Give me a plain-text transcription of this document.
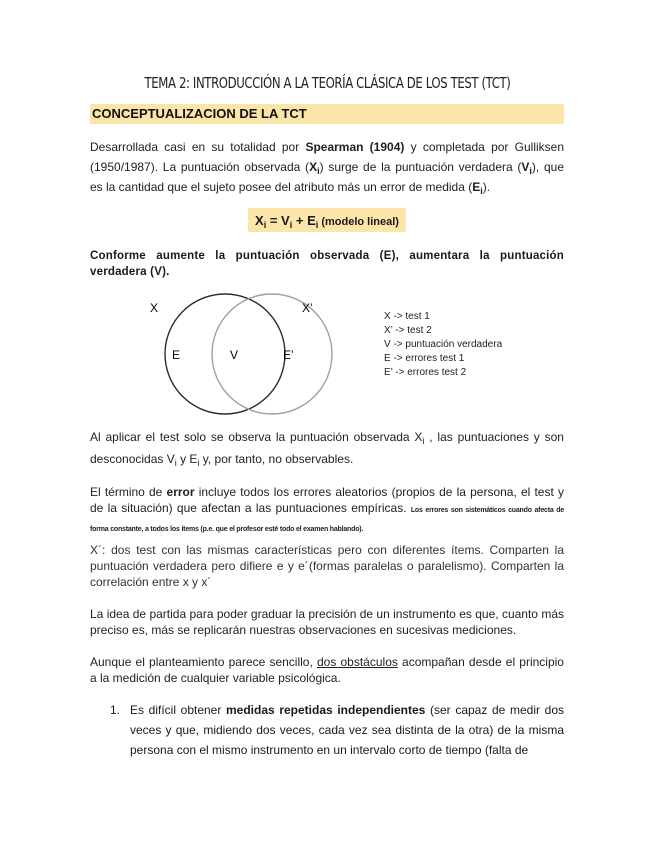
TEMA 2: INTRODUCCIÓN A LA TEORÍA CLÁSICA DE LOS TEST (TCT)
CONCEPTUALIZACION DE LA TCT
Desarrollada casi en su totalidad por Spearman (1904) y completada por Gulliksen (1950/1987). La puntuación observada $(X_i)$ surge de la puntuación verdadera $(V_i)$, que es la cantidad que el sujeto posee del atributo más un error de medida $(E_i)$.
$X_i = V_i + E_i$ (modelo lineal)
Conforme aumente la puntuación observada (E), aumentara la puntuación verdadera (V).
X	X’
E	V	E’
X -> test 1
X’ -> test 2
V -> puntuación verdadera
E -> errores test 1
E’ -> errores test 2
Al aplicar el test solo se observa la puntuación observada $X_i$ , las puntuaciones y son desconocidas $V_i$ y $E_i$ y, por tanto, no observables.
El término de error incluye todos los errores aleatorios (propios de la persona, el test y de la situación) que afectan a las puntuaciones empíricas. Los errores son sistemáticos cuando afecta de forma constante, a todos los ítems (p.e. que el profesor esté todo el examen hablando).
X´: dos test con las mismas características pero con diferentes ítems. Comparten la puntuación verdadera pero difiere e y e´(formas paralelas o paralelismo). Comparten la correlación entre x y x´
La idea de partida para poder graduar la precisión de un instrumento es que, cuanto más preciso es, más se replicarán nuestras observaciones en sucesivas mediciones.
Aunque el planteamiento parece sencillo, dos obstáculos acompañan desde el principio a la medición de cualquier variable psicológica.
1. Es difícil obtener medidas repetidas independientes (ser capaz de medir dos veces y que, midiendo dos veces, cada vez sea distinta de la otra) de la misma persona con el mismo instrumento en un intervalo corto de tiempo (falta de
